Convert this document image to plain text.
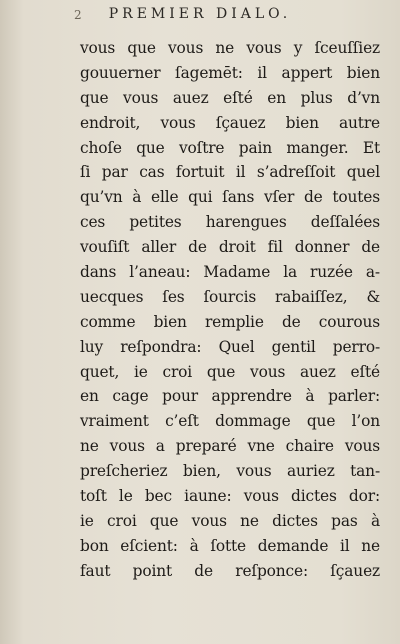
2	PREMIER DIALO.
vous que vous ne vous y ſceuſſiez
gouuerner ſagemēt: il appert bien
que vous auez eſté en plus d’vn
endroit, vous ſçauez bien autre
choſe que voſtre pain manger. Et
ſi par cas fortuit il s’adreſſoit quel
qu’vn à elle qui ſans vſer de toutes
ces petites harengues deſſalées
vouſiſt aller de droit fil donner de
dans l’aneau: Madame la ruzée a-
uecques ſes ſourcis rabaiſſez, &
comme bien remplie de courous
luy reſpondra: Quel gentil perro-
quet, ie croi que vous auez eſté
en cage pour apprendre à parler:
vraiment c’eſt dommage que l’on
ne vous a preparé vne chaire vous
preſcheriez bien, vous auriez tan-
toſt le bec iaune: vous dictes dor:
ie croi que vous ne dictes pas à
bon eſcient: à ſotte demande il ne
faut point de reſponce: ſçauez
